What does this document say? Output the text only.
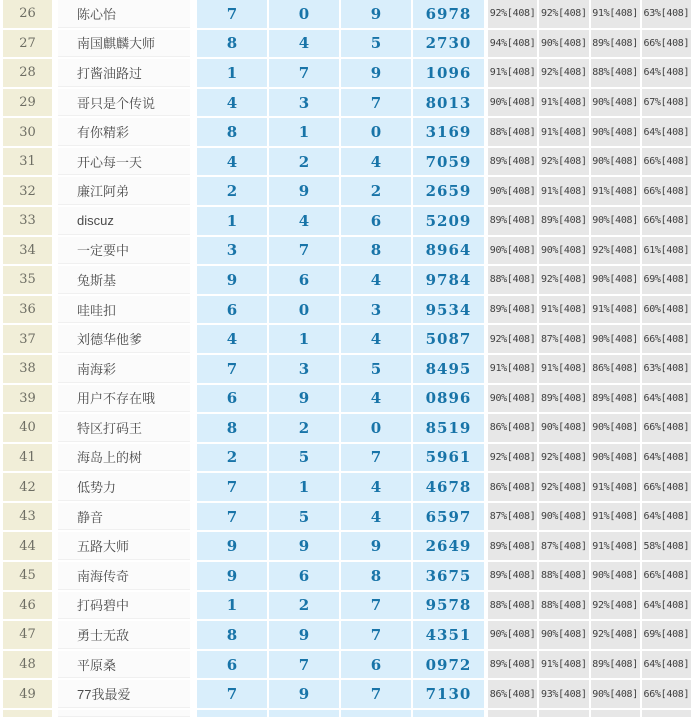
26	陈心怡	7	0	9	6978	92%[408] 92%[408] 91%[408] 63%[408]
27	南国麒麟大师	8	4	5	2730	94%[408] 90%[408] 89%[408] 66%[408]
28	打酱油路过	1	7	9	1096	91%[408] 92%[408] 88%[408] 64%[408]
29	哥只是个传说	4	3	7	8013	90%[408] 91%[408] 90%[408] 67%[408]
30	有你精彩	8	1	0	3169	88%[408] 91%[408] 90%[408] 64%[408]
31	开心每一天	4	2	4	7059	89%[408] 92%[408] 90%[408] 66%[408]
32	廉江阿弟	2	9	2	2659	90%[408] 91%[408] 91%[408] 66%[408]
33	discuz	1	4	6	5209	89%[408] 89%[408] 90%[408] 66%[408]
34	一定要中	3	7	8	8964	90%[408] 90%[408] 92%[408] 61%[408]
35	兔斯基	9	6	4	9784	88%[408] 92%[408] 90%[408] 69%[408]
36	哇哇扣	6	0	3	9534	89%[408] 91%[408] 91%[408] 60%[408]
37	刘德华他爹	4	1	4	5087	92%[408] 87%[408] 90%[408] 66%[408]
38	南海彩	7	3	5	8495	91%[408] 91%[408] 86%[408] 63%[408]
39	用户不存在哦	6	9	4	0896	90%[408] 89%[408] 89%[408] 64%[408]
40	特区打码王	8	2	0	8519	86%[408] 90%[408] 90%[408] 66%[408]
41	海岛上的树	2	5	7	5961	92%[408] 92%[408] 90%[408] 64%[408]
42	低势力	7	1	4	4678	86%[408] 92%[408] 91%[408] 66%[408]
43	静音	7	5	4	6597	87%[408] 90%[408] 91%[408] 64%[408]
44	五路大师	9	9	9	2649	89%[408] 87%[408] 91%[408] 58%[408]
45	南海传奇	9	6	8	3675	89%[408] 88%[408] 90%[408] 66%[408]
46	打码碧中	1	2	7	9578	88%[408] 88%[408] 92%[408] 64%[408]
47	勇士无敌	8	9	7	4351	90%[408] 90%[408] 92%[408] 69%[408]
48	平原桑	6	7	6	0972	89%[408] 91%[408] 89%[408] 64%[408]
49	77我最爱	7	9	7	7130	86%[408] 93%[408] 90%[408] 66%[408]
